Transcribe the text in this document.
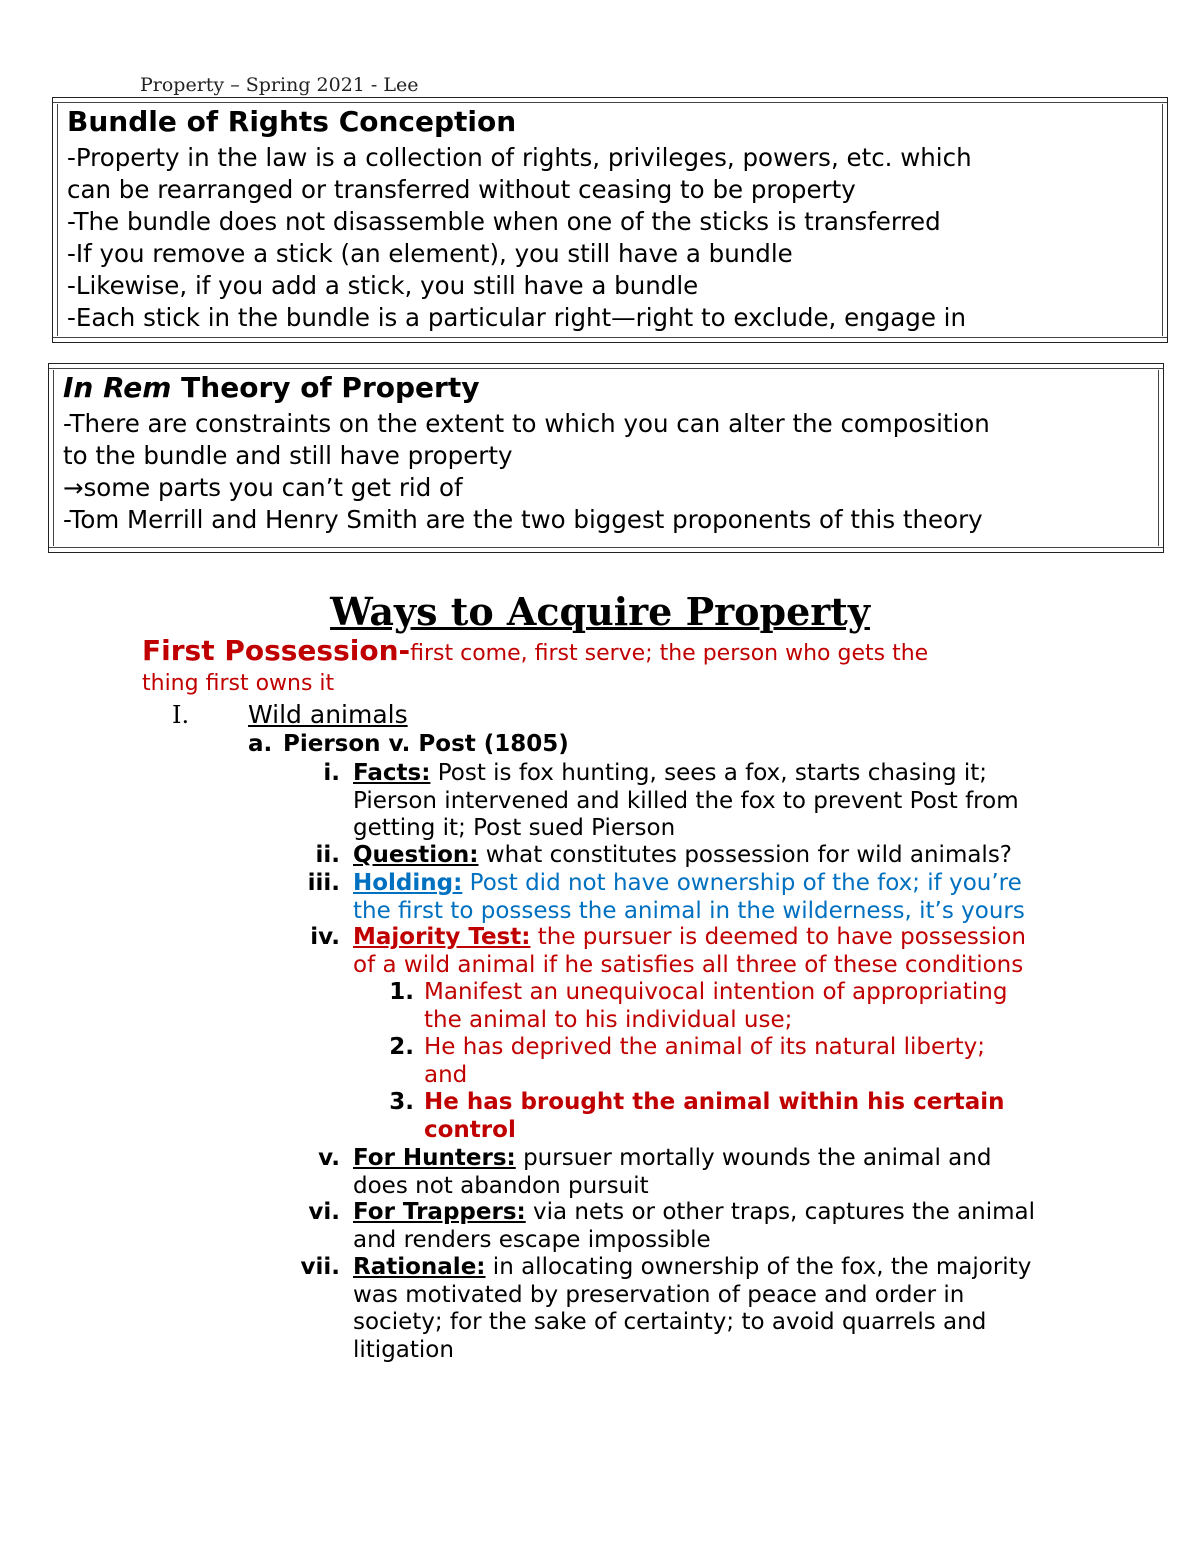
Property – Spring 2021 - Lee
Bundle of Rights Conception
-Property in the law is a collection of rights, privileges, powers, etc. which
can be rearranged or transferred without ceasing to be property
-The bundle does not disassemble when one of the sticks is transferred
-If you remove a stick (an element), you still have a bundle
-Likewise, if you add a stick, you still have a bundle
-Each stick in the bundle is a particular right—right to exclude, engage in
In Rem Theory of Property
-There are constraints on the extent to which you can alter the composition
to the bundle and still have property
→some parts you can’t get rid of
-Tom Merrill and Henry Smith are the two biggest proponents of this theory
Ways to Acquire Property
First Possession-first come, first serve; the person who gets the
thing first owns it
I. Wild animals
a. Pierson v. Post (1805)
i. Facts: Post is fox hunting, sees a fox, starts chasing it;
Pierson intervened and killed the fox to prevent Post from
getting it; Post sued Pierson
ii. Question: what constitutes possession for wild animals?
iii. Holding: Post did not have ownership of the fox; if you’re
the first to possess the animal in the wilderness, it’s yours
iv. Majority Test: the pursuer is deemed to have possession
of a wild animal if he satisfies all three of these conditions
1. Manifest an unequivocal intention of appropriating
the animal to his individual use;
2. He has deprived the animal of its natural liberty;
and
3. He has brought the animal within his certain
control
v. For Hunters: pursuer mortally wounds the animal and
does not abandon pursuit
vi. For Trappers: via nets or other traps, captures the animal
and renders escape impossible
vii. Rationale: in allocating ownership of the fox, the majority
was motivated by preservation of peace and order in
society; for the sake of certainty; to avoid quarrels and
litigation
